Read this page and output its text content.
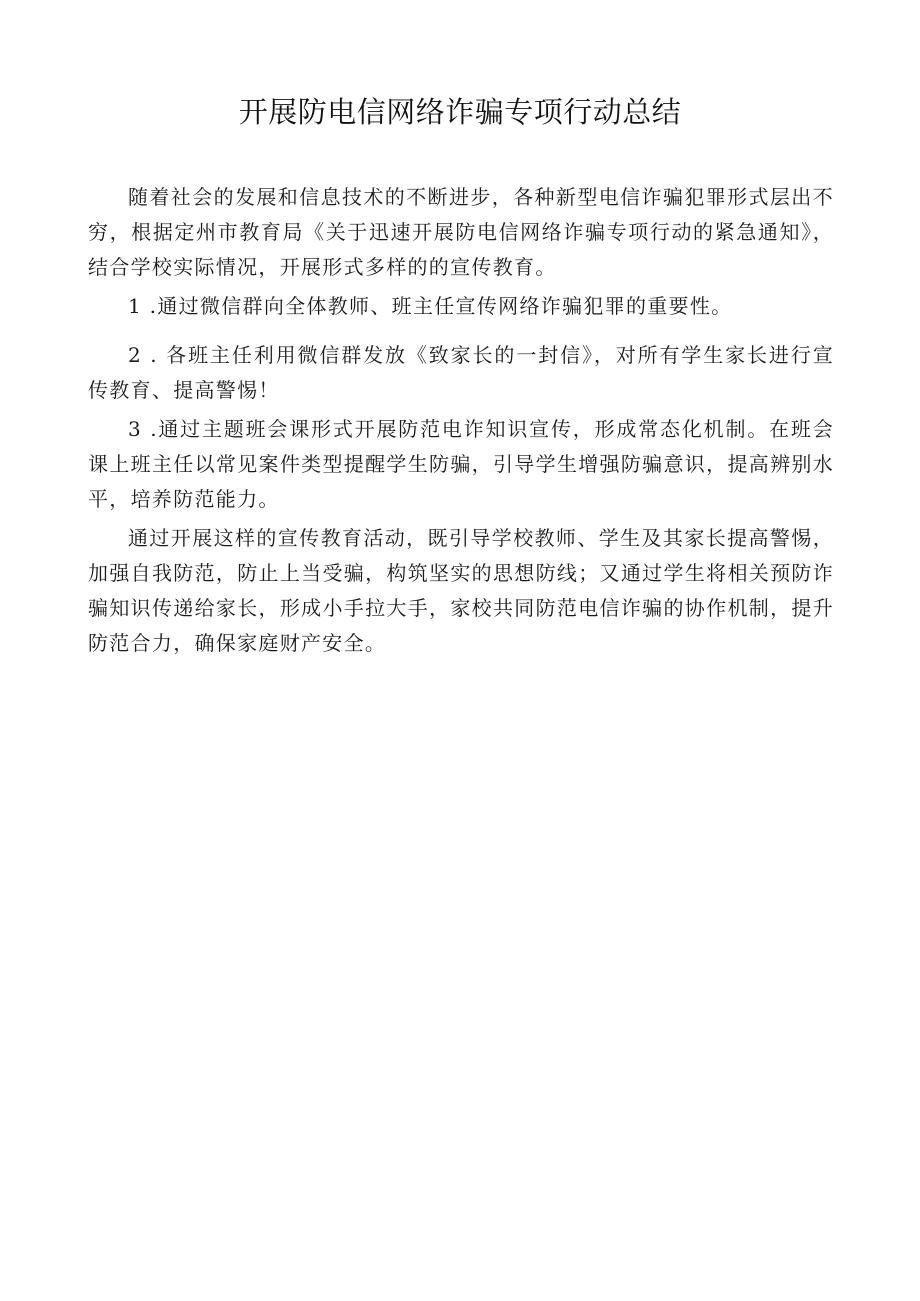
开展防电信网络诈骗专项行动总结

随着社会的发展和信息技术的不断进步，各种新型电信诈骗犯罪形式层出不穷，根据定州市教育局《关于迅速开展防电信网络诈骗专项行动的紧急通知》，结合学校实际情况，开展形式多样的的宣传教育。

1 .通过微信群向全体教师、班主任宣传网络诈骗犯罪的重要性。

2 . 各班主任利用微信群发放《致家长的一封信》，对所有学生家长进行宣传教育、提高警惕！

3 .通过主题班会课形式开展防范电诈知识宣传，形成常态化机制。在班会课上班主任以常见案件类型提醒学生防骗，引导学生增强防骗意识，提高辨别水平，培养防范能力。

通过开展这样的宣传教育活动，既引导学校教师、学生及其家长提高警惕，加强自我防范，防止上当受骗，构筑坚实的思想防线；又通过学生将相关预防诈骗知识传递给家长，形成小手拉大手，家校共同防范电信诈骗的协作机制，提升防范合力，确保家庭财产安全。
